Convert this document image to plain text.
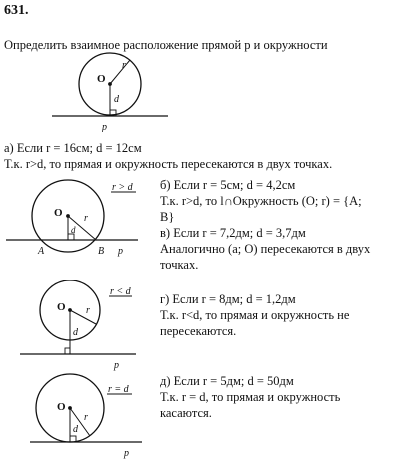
631.
Определить взаимное расположение прямой р и окружности
O
r
d
p
а) Если r = 16см; d = 12см
Т.к. r>d, то прямая и окружность пересекаются в двух точках.
r > d
O r
d
A	B p
б) Если r = 5см; d = 4,2см
Т.к. r>d, то l∩Окружность (O; r) = {A;
B}
в) Если r = 7,2дм; d = 3,7дм
Аналогично (а; O) пересекаются в двух
точках.
r < d
O r
d
p
г) Если r = 8дм; d = 1,2дм
Т.к. r<d, то прямая и окружность не
пересекаются.
r = d
O
r
d
p
д) Если r = 5дм; d = 50дм
Т.к. r = d, то прямая и окружность
касаются.
